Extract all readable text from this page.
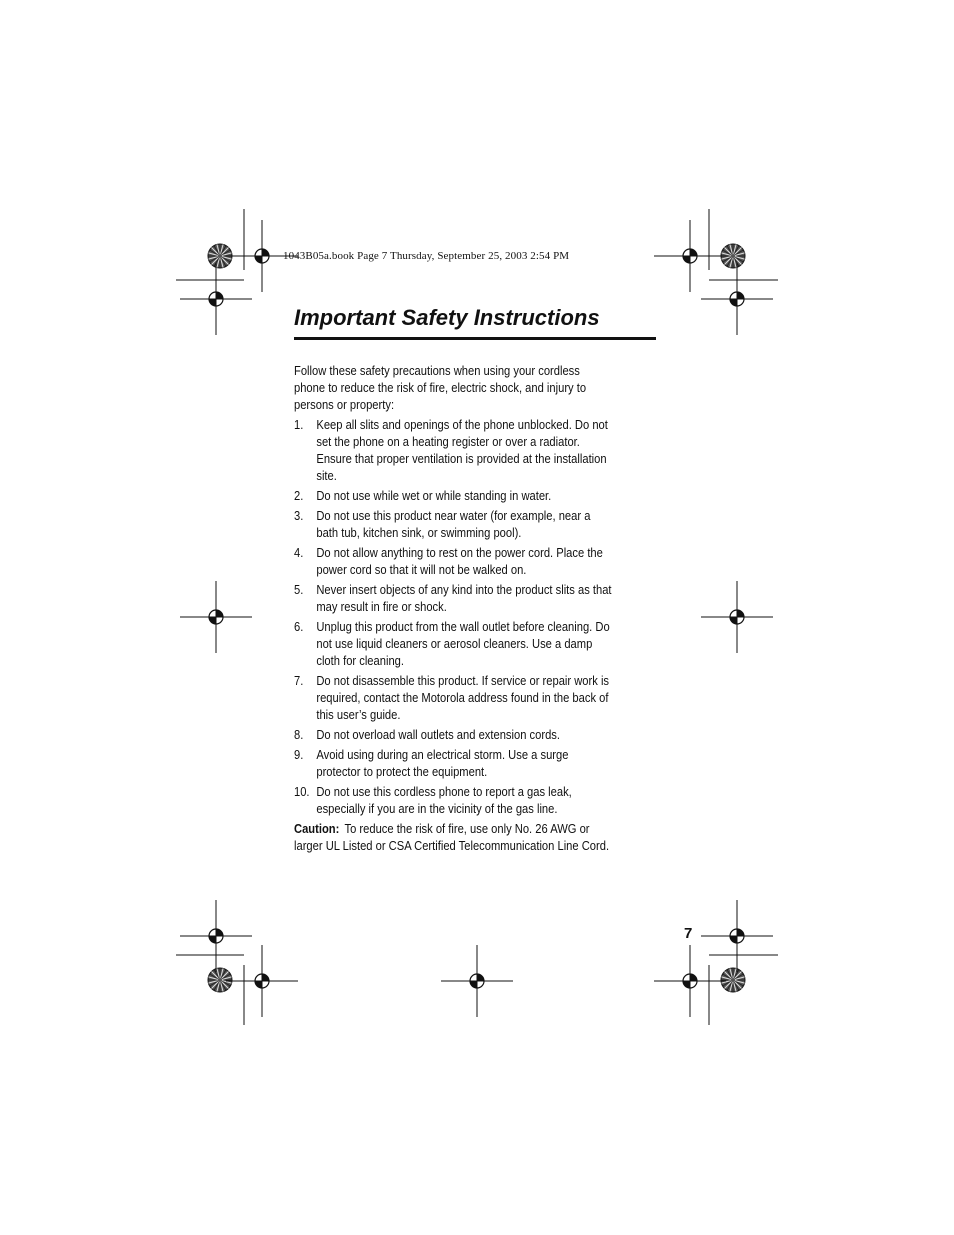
1043B05a.book Page 7 Thursday, September 25, 2003 2:54 PM
Important Safety Instructions

Follow these safety precautions when using your cordless phone to reduce the risk of fire, electric shock, and injury to persons or property:

1. Keep all slits and openings of the phone unblocked. Do not set the phone on a heating register or over a radiator. Ensure that proper ventilation is provided at the installation site.
2. Do not use while wet or while standing in water.
3. Do not use this product near water (for example, near a bath tub, kitchen sink, or swimming pool).
4. Do not allow anything to rest on the power cord. Place the power cord so that it will not be walked on.
5. Never insert objects of any kind into the product slits as that may result in fire or shock.
6. Unplug this product from the wall outlet before cleaning. Do not use liquid cleaners or aerosol cleaners. Use a damp cloth for cleaning.
7. Do not disassemble this product. If service or repair work is required, contact the Motorola address found in the back of this user’s guide.
8. Do not overload wall outlets and extension cords.
9. Avoid using during an electrical storm. Use a surge protector to protect the equipment.
10. Do not use this cordless phone to report a gas leak, especially if you are in the vicinity of the gas line.

Caution: To reduce the risk of fire, use only No. 26 AWG or larger UL Listed or CSA Certified Telecommunication Line Cord.

7
